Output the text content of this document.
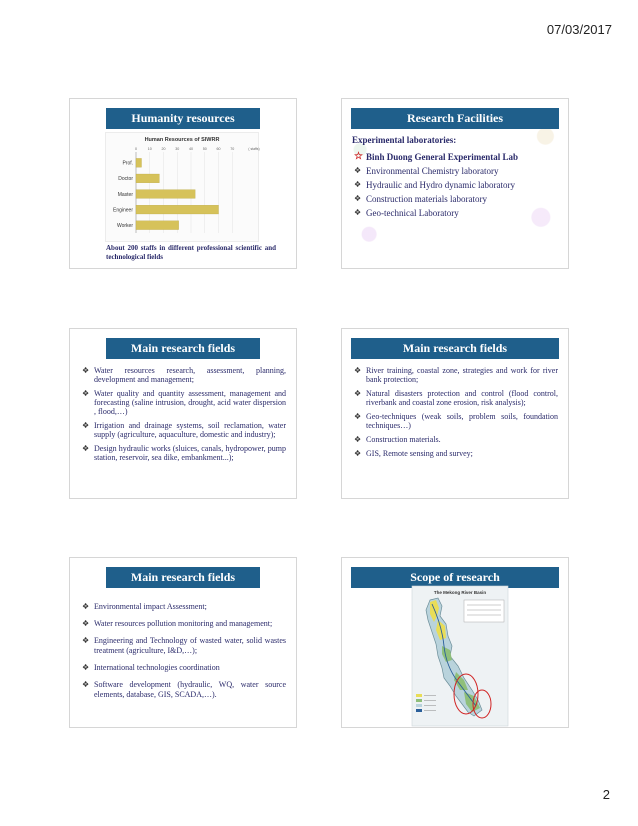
07/03/2017
Humanity resources
Human Resources of SIWRR
0	10	20	30	40	50	60	70	( staffs)
Prof.
Doctor
Master
Engineer
Worker
About 200 staffs in different professional scientific and technological fields
Research Facilities
Experimental laboratories:
☆ Binh Duong General Experimental Lab
❖ Environmental Chemistry laboratory
❖ Hydraulic and Hydro dynamic laboratory
❖ Construction materials laboratory
❖ Geo-technical Laboratory
Main research fields
❖ Water resources research, assessment, planning, development and management;
❖ Water quality and quantity assessment, management and forecasting (saline intrusion, drought, acid water dispersion , flood,…)
❖ Irrigation and drainage systems, soil reclamation, water supply (agriculture, aquaculture, domestic and industry);
❖ Design hydraulic works (sluices, canals, hydropower, pump station, reservoir, sea dike, embankment...);
Main research fields
❖ River training, coastal zone, strategies and work for river bank protection;
❖ Natural disasters protection and control (flood control, riverbank and coastal zone erosion, risk analysis);
❖ Geo-techniques (weak soils, problem soils, foundation techniques…)
❖ Construction materials.
❖ GIS, Remote sensing and survey;
Main research fields
❖ Environmental impact Assessment;
❖ Water resources pollution monitoring and management;
❖ Engineering and Technology of wasted water, solid wastes treatment (agriculture, I&D,…);
❖ International technologies coordination
❖ Software development (hydraulic, WQ, water source elements, database, GIS, SCADA,…).
Scope of research
The Mekong River Basin
2
